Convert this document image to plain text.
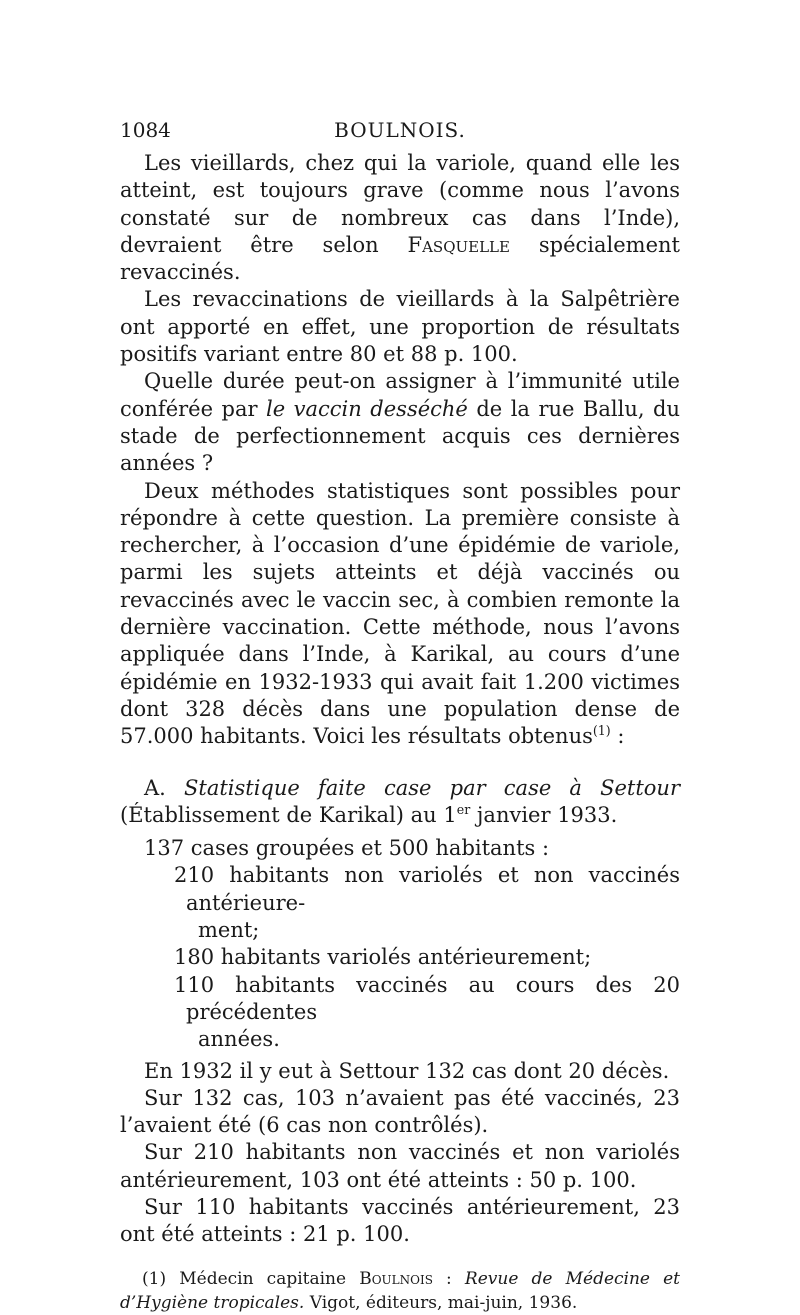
1084	BOULNOIS.

Les vieillards, chez qui la variole, quand elle les atteint, est toujours grave (comme nous l’avons constaté sur de nombreux cas dans l’Inde), devraient être selon Fasquelle spécialement revaccinés.

Les revaccinations de vieillards à la Salpêtrière ont apporté en effet, une proportion de résultats positifs variant entre 80 et 88 p. 100.

Quelle durée peut-on assigner à l’immunité utile conférée par le vaccin desséché de la rue Ballu, du stade de perfectionnement acquis ces dernières années ?

Deux méthodes statistiques sont possibles pour répondre à cette question. La première consiste à rechercher, à l’occasion d’une épidémie de variole, parmi les sujets atteints et déjà vaccinés ou revaccinés avec le vaccin sec, à combien remonte la dernière vaccination. Cette méthode, nous l’avons appliquée dans l’Inde, à Karikal, au cours d’une épidémie en 1932-1933 qui avait fait 1.200 victimes dont 328 décès dans une population dense de 57.000 habitants. Voici les résultats obtenus$^{(1)}$ :

A. Statistique faite case par case à Settour (Établissement de Karikal) au 1er janvier 1933.

137 cases groupées et 500 habitants :

210 habitants non variolés et non vaccinés antérieure-
ment;

180 habitants variolés antérieurement;

110 habitants vaccinés au cours des 20 précédentes
années.

En 1932 il y eut à Settour 132 cas dont 20 décès.

Sur 132 cas, 103 n’avaient pas été vaccinés, 23 l’avaient été (6 cas non contrôlés).

Sur 210 habitants non vaccinés et non variolés antérieurement, 103 ont été atteints : 50 p. 100.

Sur 110 habitants vaccinés antérieurement, 23 ont été atteints : 21 p. 100.

(1) Médecin capitaine Boulnois : Revue de Médecine et d’Hygiène tropicales. Vigot, éditeurs, mai-juin, 1936.
